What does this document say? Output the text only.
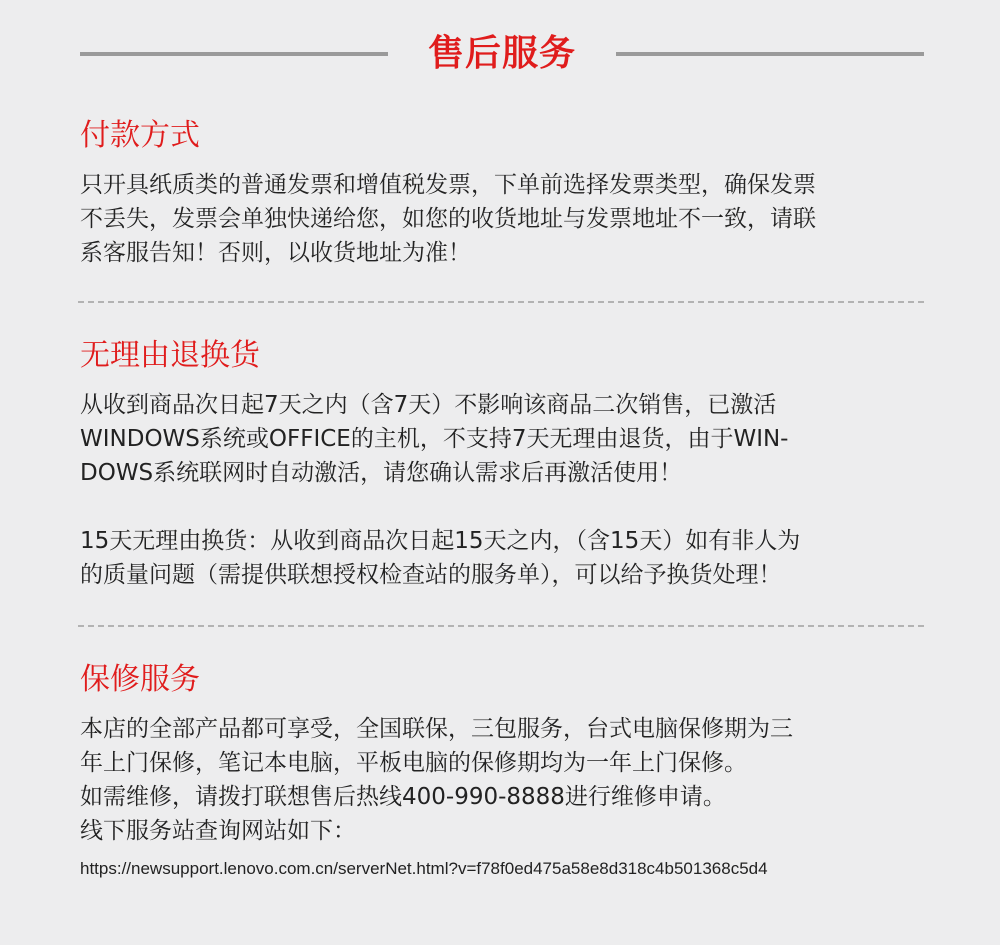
售后服务
付款方式
只开具纸质类的普通发票和增值税发票，下单前选择发票类型，确保发票
不丢失，发票会单独快递给您，如您的收货地址与发票地址不一致，请联
系客服告知！否则，以收货地址为准！
无理由退换货
从收到商品次日起7天之内（含7天）不影响该商品二次销售，已激活
WINDOWS系统或OFFICE的主机，不支持7天无理由退货，由于WIN-
DOWS系统联网时自动激活，请您确认需求后再激活使用！
15天无理由换货：从收到商品次日起15天之内，（含15天）如有非人为
的质量问题（需提供联想授权检查站的服务单），可以给予换货处理！
保修服务
本店的全部产品都可享受，全国联保，三包服务，台式电脑保修期为三
年上门保修，笔记本电脑，平板电脑的保修期均为一年上门保修。
如需维修，请拨打联想售后热线400-990-8888进行维修申请。
线下服务站查询网站如下：
https://newsupport.lenovo.com.cn/serverNet.html?v=f78f0ed475a58e8d318c4b501368c5d4
